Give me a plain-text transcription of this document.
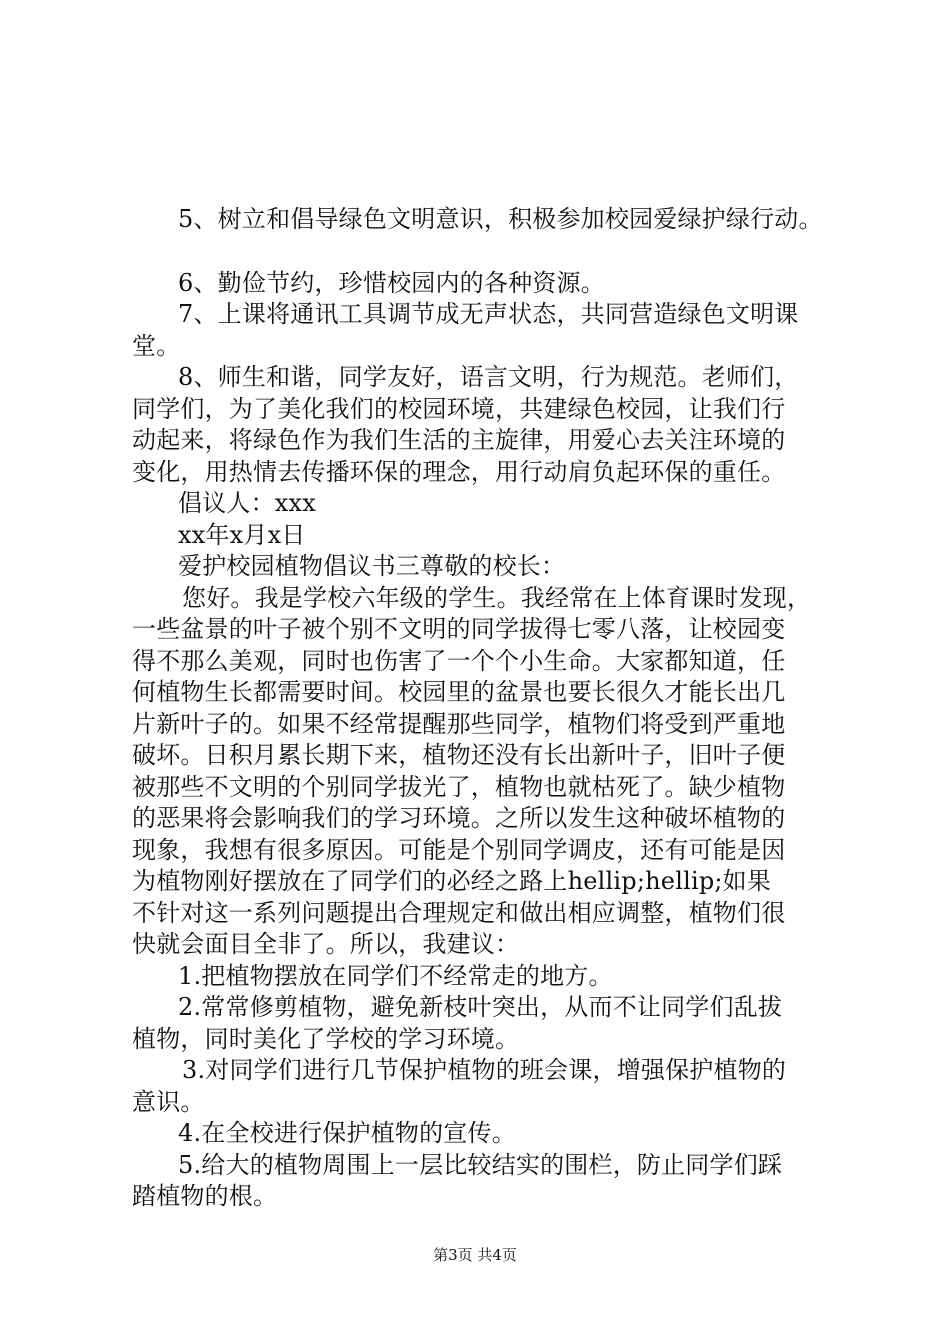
5、树立和倡导绿色文明意识，积极参加校园爱绿护绿行动。
6、勤俭节约，珍惜校园内的各种资源。
7、上课将通讯工具调节成无声状态，共同营造绿色文明课
堂。
8、师生和谐，同学友好，语言文明，行为规范。老师们，
同学们，为了美化我们的校园环境，共建绿色校园，让我们行
动起来，将绿色作为我们生活的主旋律，用爱心去关注环境的
变化，用热情去传播环保的理念，用行动肩负起环保的重任。
倡议人：xxx
xx年x月x日
爱护校园植物倡议书三尊敬的校长：
您好。我是学校六年级的学生。我经常在上体育课时发现，
一些盆景的叶子被个别不文明的同学拔得七零八落，让校园变
得不那么美观，同时也伤害了一个个小生命。大家都知道，任
何植物生长都需要时间。校园里的盆景也要长很久才能长出几
片新叶子的。如果不经常提醒那些同学，植物们将受到严重地
破坏。日积月累长期下来，植物还没有长出新叶子，旧叶子便
被那些不文明的个别同学拔光了，植物也就枯死了。缺少植物
的恶果将会影响我们的学习环境。之所以发生这种破坏植物的
现象，我想有很多原因。可能是个别同学调皮，还有可能是因
为植物刚好摆放在了同学们的必经之路上hellip;hellip;如果
不针对这一系列问题提出合理规定和做出相应调整，植物们很
快就会面目全非了。所以，我建议：
1.把植物摆放在同学们不经常走的地方。
2.常常修剪植物，避免新枝叶突出，从而不让同学们乱拔
植物，同时美化了学校的学习环境。
3.对同学们进行几节保护植物的班会课，增强保护植物的
意识。
4.在全校进行保护植物的宣传。
5.给大的植物周围上一层比较结实的围栏，防止同学们踩
踏植物的根。
第3页 共4页
